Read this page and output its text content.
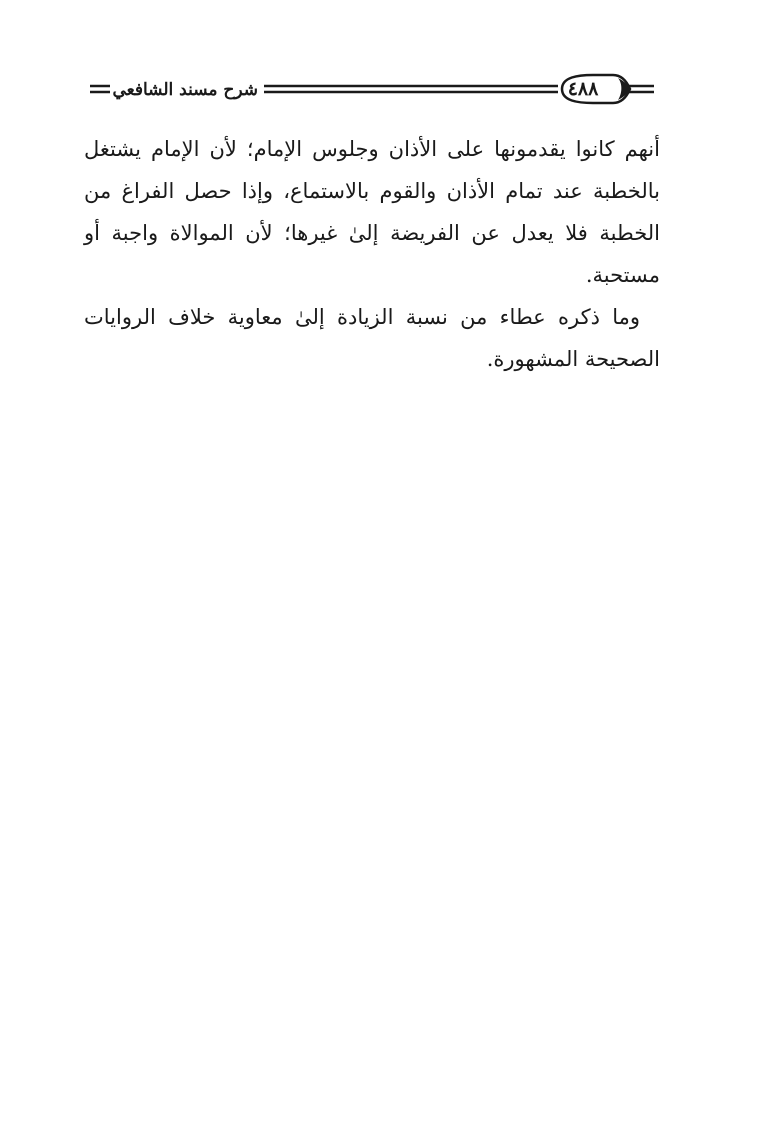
شرح مسند الشافعي	٤٨٨

أنهم كانوا يقدمونها على الأذان وجلوس الإمام؛ لأن الإمام يشتغل بالخطبة عند تمام الأذان والقوم بالاستماع، وإذا حصل الفراغ من الخطبة فلا يعدل عن الفريضة إلىٰ غيرها؛ لأن الموالاة واجبة أو مستحبة.

وما ذكره عطاء من نسبة الزيادة إلىٰ معاوية خلاف الروايات الصحيحة المشهورة.
